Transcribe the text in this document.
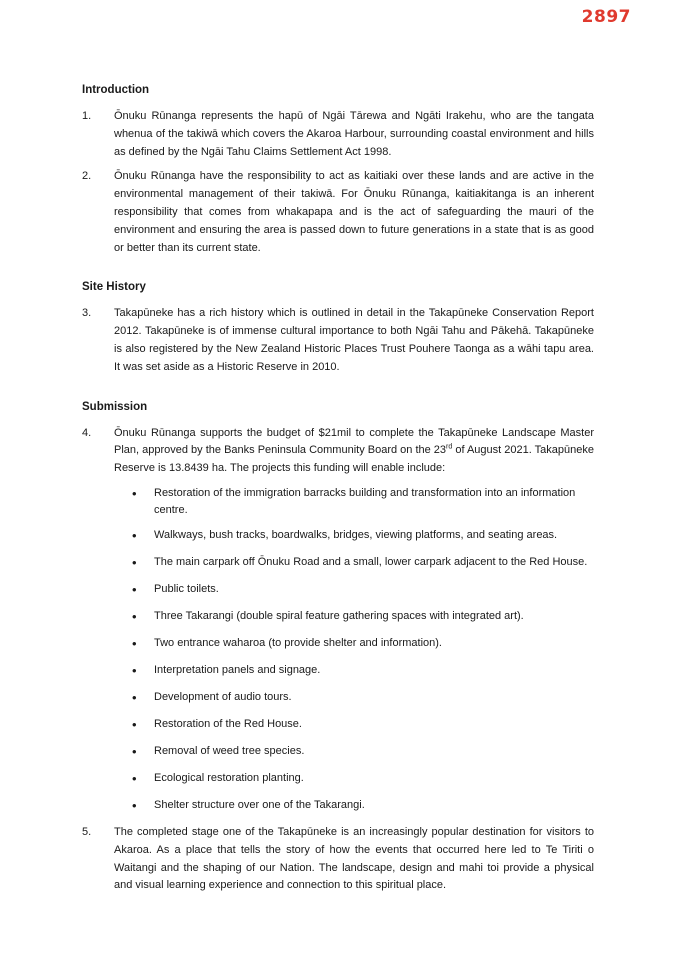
2897
Introduction
1.	Ōnuku Rūnanga represents the hapū of Ngāi Tārewa and Ngāti Irakehu, who are the tangata whenua of the takiwā which covers the Akaroa Harbour, surrounding coastal environment and hills as defined by the Ngāi Tahu Claims Settlement Act 1998.
2.	Ōnuku Rūnanga have the responsibility to act as kaitiaki over these lands and are active in the environmental management of their takiwā. For Ōnuku Rūnanga, kaitiakitanga is an inherent responsibility that comes from whakapapa and is the act of safeguarding the mauri of the environment and ensuring the area is passed down to future generations in a state that is as good or better than its current state.
Site History
3.	Takapūneke has a rich history which is outlined in detail in the Takapūneke Conservation Report 2012. Takapūneke is of immense cultural importance to both Ngāi Tahu and Pākehā. Takapūneke is also registered by the New Zealand Historic Places Trust Pouhere Taonga as a wāhi tapu area. It was set aside as a Historic Reserve in 2010.
Submission
4.	Ōnuku Rūnanga supports the budget of $21mil to complete the Takapūneke Landscape Master Plan, approved by the Banks Peninsula Community Board on the 23rd of August 2021. Takapūneke Reserve is 13.8439 ha. The projects this funding will enable include:
•
Restoration of the immigration barracks building and transformation into an information centre.
•
Walkways, bush tracks, boardwalks, bridges, viewing platforms, and seating areas.
•
The main carpark off Ōnuku Road and a small, lower carpark adjacent to the Red House.
•
Public toilets.
•
Three Takarangi (double spiral feature gathering spaces with integrated art).
•
Two entrance waharoa (to provide shelter and information).
•
Interpretation panels and signage.
•
Development of audio tours.
•
Restoration of the Red House.
•
Removal of weed tree species.
•
Ecological restoration planting.
•
Shelter structure over one of the Takarangi.
5.	The completed stage one of the Takapūneke is an increasingly popular destination for visitors to Akaroa. As a place that tells the story of how the events that occurred here led to Te Tiriti o Waitangi and the shaping of our Nation. The landscape, design and mahi toi provide a physical and visual learning experience and connection to this spiritual place.
